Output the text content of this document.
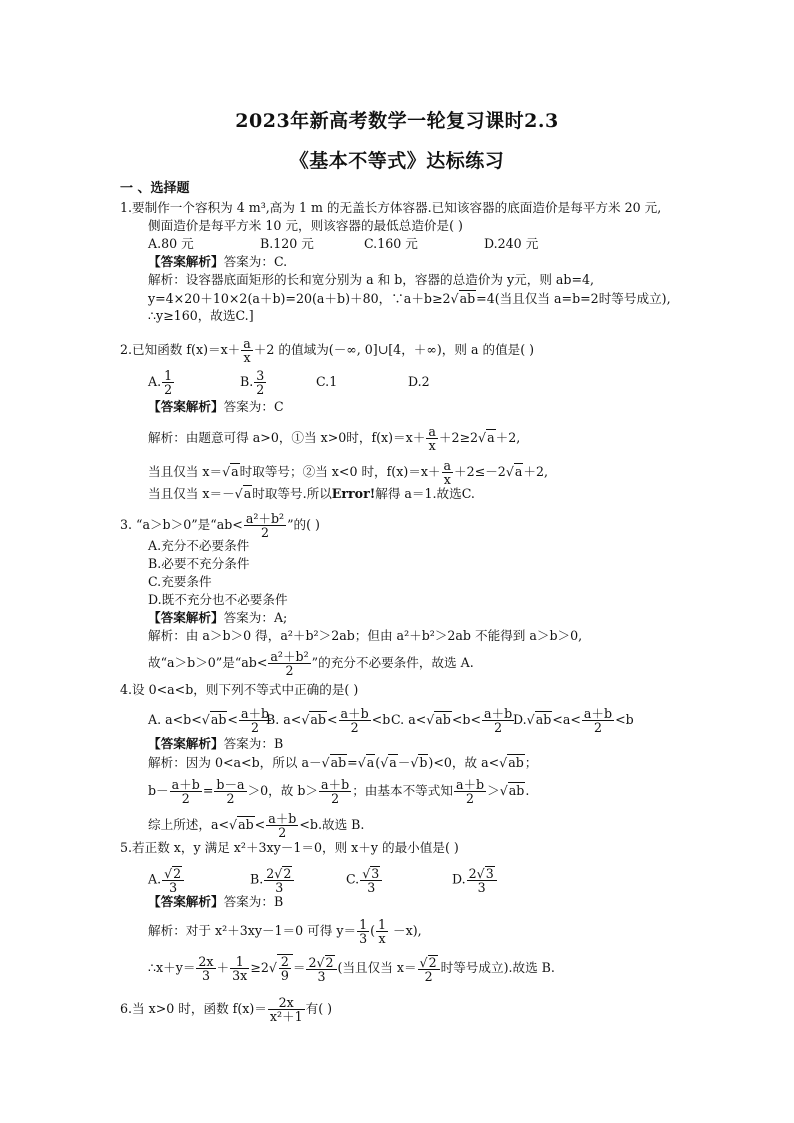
2023年新高考数学一轮复习课时2.3
《基本不等式》达标练习
一 、选择题
1.要制作一个容积为 4 m³,高为 1 m 的无盖长方体容器.已知该容器的底面造价是每平方米 20 元,
侧面造价是每平方米 10 元，则该容器的最低总造价是( )
A.80 元	B.120 元	C.160 元	D.240 元
【答案解析】答案为：C.
解析：设容器底面矩形的长和宽分别为 a 和 b，容器的总造价为 y元，则 ab=4,
y=4×20＋10×2(a＋b)=20(a＋b)＋80，∵a＋b≥2√ ab=4(当且仅当 a=b=2时等号成立),
∴y≥160，故选C.]
2.已知函数 $f(x)=x+ \frac{a}{x} +2$ 的值域为(－∞, 0]∪[4，＋∞)，则 a 的值是( )
A. $\frac{1}{2}$	B. $\frac{3}{2}$	C.1	D.2
【答案解析】答案为：C
解析：由题意可得 a>0，①当 x>0时，$f(x)=x+ \frac{a}{x} +2\ge 2√$ a＋2,
当且仅当 x＝√ a时取等号；②当 x<0 时，$f(x)=x+ \frac{a}{x} +2\le-2√$ a＋2,
当且仅当 x＝－√ a时取等号.所以Error!解得 a＝1.故选C.
3. “a＞b＞0”是“$ab< \frac{\text{a²＋b²}}{2}$ ”的( )
A.充分不必要条件
B.必要不充分条件
C.充要条件
D.既不充分也不必要条件
【答案解析】答案为：A;
解析：由 a＞b＞0 得，a²＋b²＞2ab；但由 a²＋b²＞2ab 不能得到 a＞b＞0,
故“a＞b＞0”是“$ab< \frac{\text{a²＋b²}}{2}$ ”的充分不必要条件，故选 A.
4.设 0<a<b，则下列不等式中正确的是( )
A. a<b<√ $ab< \frac{a+b}{2}$
B. a<√ $ab< \frac{a+b}{2} <bC$. a<√ $ab<b< \frac{a+b}{2}$
D.√ $ab<a< \frac{a+b}{2} <b$
【答案解析】答案为：B
解析：因为 0<a<b，所以 a－√ ab=√ a(√ a－√ b)<0，故 a<√ ab；
$b- \frac{a+b}{2} = \frac{b-a}{2} >0$，故 $b> \frac{a+b}{2}$ ；由基本不等式知 $\frac{a+b}{2}$ ＞√ ab.
综上所述，a<√ $ab< \frac{a+b}{2} <b$.故选 B.
5.若正数 x，y 满足 x²＋3xy－1＝0，则 x＋y 的最小值是( )
A.
√ $\frac{2}{3}$	B. $\frac{2√ 2}{3}$	C.
√ $\frac{3}{3}$	D. $\frac{2√ 3}{3}$
【答案解析】答案为：B
解析：对于 x²＋3xy－1＝0 可得 $y= \frac{1}{3}$ ( $\frac{1}{x} -x$),
∴x＋y＝ $\frac{2x}{3} + \frac{1}{3x} \ge 2$
√ $\frac{2}{9} = \frac{2√ 2}{3}$ (当且仅当 x＝
√ $\frac{2}{2}$ 时等号成立).故选 B.
6.当 x>0 时，函数 $f(x)= \frac{2x}{\text{x²＋1}}$ 有( )
